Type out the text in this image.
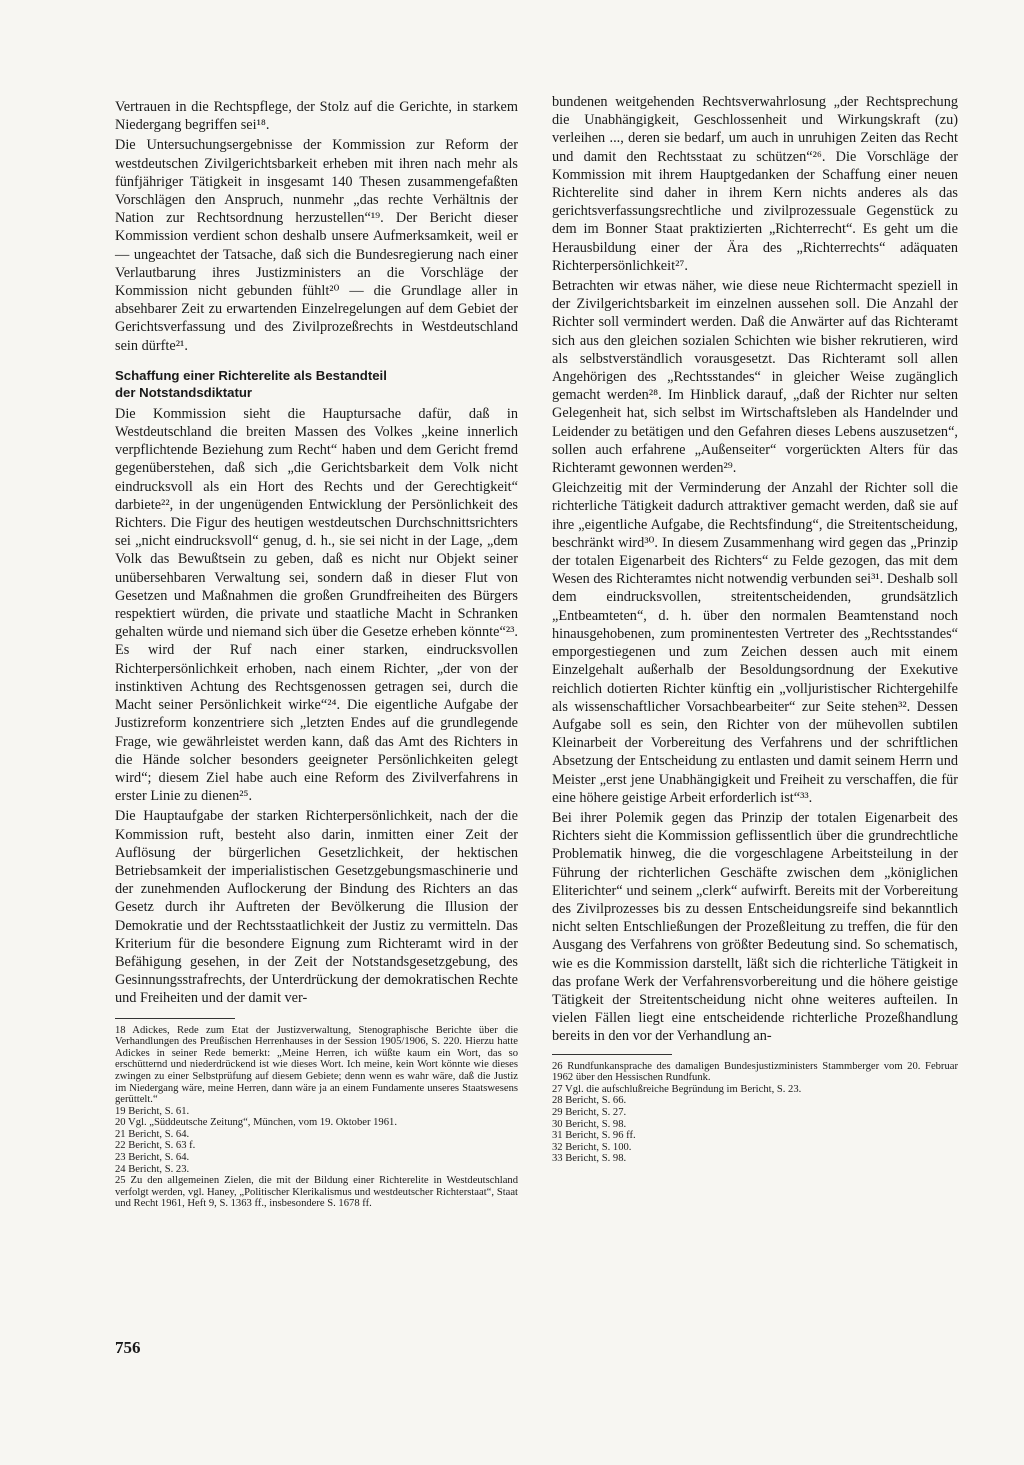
Vertrauen in die Rechtspflege, der Stolz auf die Gerichte, in starkem Niedergang begriffen sei¹⁸.

Die Untersuchungsergebnisse der Kommission zur Reform der westdeutschen Zivilgerichtsbarkeit erheben mit ihren nach mehr als fünfjähriger Tätigkeit in insgesamt 140 Thesen zusammengefaßten Vorschlägen den Anspruch, nunmehr „das rechte Verhältnis der Nation zur Rechtsordnung herzustellen“¹⁹. Der Bericht dieser Kommission verdient schon deshalb unsere Aufmerksamkeit, weil er — ungeachtet der Tatsache, daß sich die Bundesregierung nach einer Verlautbarung ihres Justizministers an die Vorschläge der Kommission nicht gebunden fühlt²⁰ — die Grundlage aller in absehbarer Zeit zu erwartenden Einzelregelungen auf dem Gebiet der Gerichtsverfassung und des Zivilprozeßrechts in Westdeutschland sein dürfte²¹.

Schaffung einer Richterelite als Bestandteil
der Notstandsdiktatur

Die Kommission sieht die Hauptursache dafür, daß in Westdeutschland die breiten Massen des Volkes „keine innerlich verpflichtende Beziehung zum Recht“ haben und dem Gericht fremd gegenüberstehen, daß sich „die Gerichtsbarkeit dem Volk nicht eindrucksvoll als ein Hort des Rechts und der Gerechtigkeit“ darbiete²², in der ungenügenden Entwicklung der Persönlichkeit des Richters. Die Figur des heutigen westdeutschen Durchschnittsrichters sei „nicht eindrucksvoll“ genug, d. h., sie sei nicht in der Lage, „dem Volk das Bewußtsein zu geben, daß es nicht nur Objekt seiner unübersehbaren Verwaltung sei, sondern daß in dieser Flut von Gesetzen und Maßnahmen die großen Grundfreiheiten des Bürgers respektiert würden, die private und staatliche Macht in Schranken gehalten würde und niemand sich über die Gesetze erheben könnte“²³. Es wird der Ruf nach einer starken, eindrucksvollen Richterpersönlichkeit erhoben, nach einem Richter, „der von der instinktiven Achtung des Rechtsgenossen getragen sei, durch die Macht seiner Persönlichkeit wirke“²⁴. Die eigentliche Aufgabe der Justizreform konzentriere sich „letzten Endes auf die grundlegende Frage, wie gewährleistet werden kann, daß das Amt des Richters in die Hände solcher besonders geeigneter Persönlichkeiten gelegt wird“; diesem Ziel habe auch eine Reform des Zivilverfahrens in erster Linie zu dienen²⁵.

Die Hauptaufgabe der starken Richterpersönlichkeit, nach der die Kommission ruft, besteht also darin, inmitten einer Zeit der Auflösung der bürgerlichen Gesetzlichkeit, der hektischen Betriebsamkeit der imperialistischen Gesetzgebungsmaschinerie und der zunehmenden Auflockerung der Bindung des Richters an das Gesetz durch ihr Auftreten der Bevölkerung die Illusion der Demokratie und der Rechtsstaatlichkeit der Justiz zu vermitteln. Das Kriterium für die besondere Eignung zum Richteramt wird in der Befähigung gesehen, in der Zeit der Notstandsgesetzgebung, des Gesinnungsstrafrechts, der Unterdrückung der demokratischen Rechte und Freiheiten und der damit ver-

18 Adickes, Rede zum Etat der Justizverwaltung, Stenographische Berichte über die Verhandlungen des Preußischen Herrenhauses in der Session 1905/1906, S. 220. Hierzu hatte Adickes in seiner Rede bemerkt: „Meine Herren, ich wüßte kaum ein Wort, das so erschütternd und niederdrückend ist wie dieses Wort. Ich meine, kein Wort könnte wie dieses zwingen zu einer Selbstprüfung auf diesem Gebiete; denn wenn es wahr wäre, daß die Justiz im Niedergang wäre, meine Herren, dann wäre ja an einem Fundamente unseres Staatswesens gerüttelt.“

19 Bericht, S. 61.

20 Vgl. „Süddeutsche Zeitung“, München, vom 19. Oktober 1961.

21 Bericht, S. 64.

22 Bericht, S. 63 f.

23 Bericht, S. 64.

24 Bericht, S. 23.

25 Zu den allgemeinen Zielen, die mit der Bildung einer Richterelite in Westdeutschland verfolgt werden, vgl. Haney, „Politischer Klerikalismus und westdeutscher Richterstaat“, Staat und Recht 1961, Heft 9, S. 1363 ff., insbesondere S. 1678 ff.

bundenen weitgehenden Rechtsverwahrlosung „der Rechtsprechung die Unabhängigkeit, Geschlossenheit und Wirkungskraft (zu) verleihen ..., deren sie bedarf, um auch in unruhigen Zeiten das Recht und damit den Rechtsstaat zu schützen“²⁶. Die Vorschläge der Kommission mit ihrem Hauptgedanken der Schaffung einer neuen Richterelite sind daher in ihrem Kern nichts anderes als das gerichtsverfassungsrechtliche und zivilprozessuale Gegenstück zu dem im Bonner Staat praktizierten „Richterrecht“. Es geht um die Herausbildung einer der Ära des „Richterrechts“ adäquaten Richterpersönlichkeit²⁷.

Betrachten wir etwas näher, wie diese neue Richtermacht speziell in der Zivilgerichtsbarkeit im einzelnen aussehen soll. Die Anzahl der Richter soll vermindert werden. Daß die Anwärter auf das Richteramt sich aus den gleichen sozialen Schichten wie bisher rekrutieren, wird als selbstverständlich vorausgesetzt. Das Richteramt soll allen Angehörigen des „Rechtsstandes“ in gleicher Weise zugänglich gemacht werden²⁸. Im Hinblick darauf, „daß der Richter nur selten Gelegenheit hat, sich selbst im Wirtschaftsleben als Handelnder und Leidender zu betätigen und den Gefahren dieses Lebens auszusetzen“, sollen auch erfahrene „Außenseiter“ vorgerückten Alters für das Richteramt gewonnen werden²⁹.

Gleichzeitig mit der Verminderung der Anzahl der Richter soll die richterliche Tätigkeit dadurch attraktiver gemacht werden, daß sie auf ihre „eigentliche Aufgabe, die Rechtsfindung“, die Streitentscheidung, beschränkt wird³⁰. In diesem Zusammenhang wird gegen das „Prinzip der totalen Eigenarbeit des Richters“ zu Felde gezogen, das mit dem Wesen des Richteramtes nicht notwendig verbunden sei³¹. Deshalb soll dem eindrucksvollen, streitentscheidenden, grundsätzlich „Entbeamteten“, d. h. über den normalen Beamtenstand noch hinausgehobenen, zum prominentesten Vertreter des „Rechtsstandes“ emporgestiegenen und zum Zeichen dessen auch mit einem Einzelgehalt außerhalb der Besoldungsordnung der Exekutive reichlich dotierten Richter künftig ein „volljuristischer Richtergehilfe als wissenschaftlicher Vorsachbearbeiter“ zur Seite stehen³². Dessen Aufgabe soll es sein, den Richter von der mühevollen subtilen Kleinarbeit der Vorbereitung des Verfahrens und der schriftlichen Absetzung der Entscheidung zu entlasten und damit seinem Herrn und Meister „erst jene Unabhängigkeit und Freiheit zu verschaffen, die für eine höhere geistige Arbeit erforderlich ist“³³.

Bei ihrer Polemik gegen das Prinzip der totalen Eigenarbeit des Richters sieht die Kommission geflissentlich über die grundrechtliche Problematik hinweg, die die vorgeschlagene Arbeitsteilung in der Führung der richterlichen Geschäfte zwischen dem „königlichen Eliterichter“ und seinem „clerk“ aufwirft. Bereits mit der Vorbereitung des Zivilprozesses bis zu dessen Entscheidungsreife sind bekanntlich nicht selten Entschließungen der Prozeßleitung zu treffen, die für den Ausgang des Verfahrens von größter Bedeutung sind. So schematisch, wie es die Kommission darstellt, läßt sich die richterliche Tätigkeit in das profane Werk der Verfahrensvorbereitung und die höhere geistige Tätigkeit der Streitentscheidung nicht ohne weiteres aufteilen. In vielen Fällen liegt eine entscheidende richterliche Prozeßhandlung bereits in den vor der Verhandlung an-

26 Rundfunkansprache des damaligen Bundesjustizministers Stammberger vom 20. Februar 1962 über den Hessischen Rundfunk.

27 Vgl. die aufschlußreiche Begründung im Bericht, S. 23.

28 Bericht, S. 66.

29 Bericht, S. 27.

30 Bericht, S. 98.

31 Bericht, S. 96 ff.

32 Bericht, S. 100.

33 Bericht, S. 98.

756
